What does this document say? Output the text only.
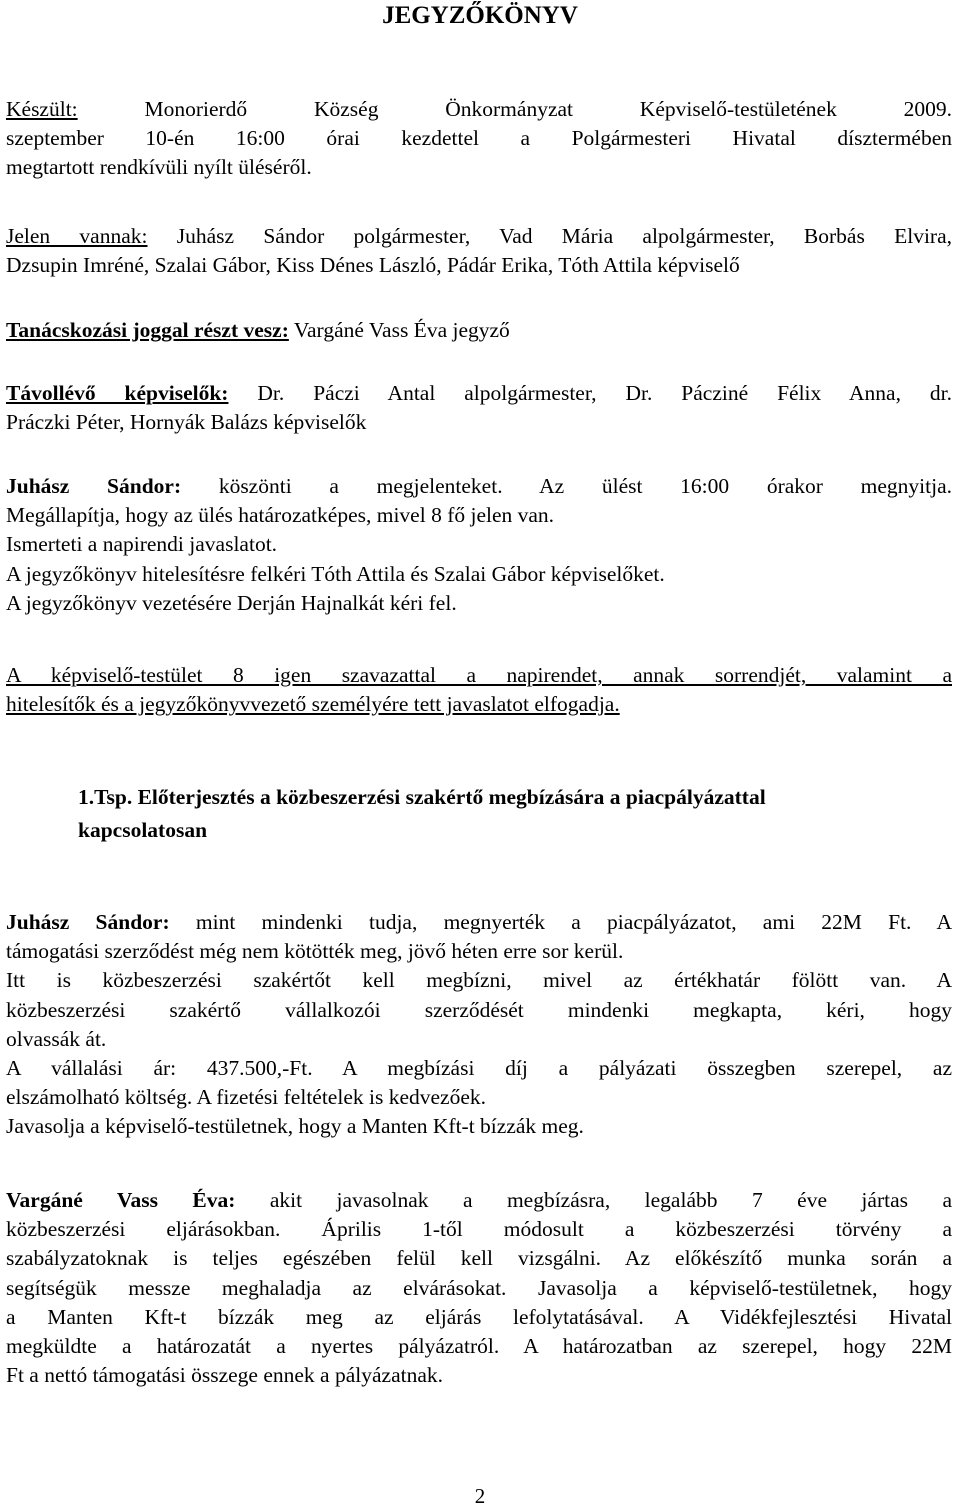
JEGYZŐKÖNYV
Készült:	Monorierdő Község Önkormányzat Képviselő-testületének 2009.
szeptember 10-én 16:00 órai kezdettel a Polgármesteri Hivatal dísztermében
megtartott rendkívüli nyílt üléséről.
Jelen vannak: Juhász Sándor polgármester, Vad Mária alpolgármester, Borbás Elvira,
Dzsupin Imréné, Szalai Gábor, Kiss Dénes László, Pádár Erika, Tóth Attila képviselő
Tanácskozási joggal részt vesz: Vargáné Vass Éva jegyző
Távollévő képviselők: Dr. Páczi Antal alpolgármester, Dr. Pácziné Félix Anna, dr.
Práczki Péter, Hornyák Balázs képviselők
Juhász Sándor: köszönti a megjelenteket. Az ülést 16:00 órakor megnyitja.
Megállapítja, hogy az ülés határozatképes, mivel 8 fő jelen van.
Ismerteti a napirendi javaslatot.
A jegyzőkönyv hitelesítésre felkéri Tóth Attila és Szalai Gábor képviselőket.
A jegyzőkönyv vezetésére Derján Hajnalkát kéri fel.
A képviselő-testület 8 igen szavazattal a napirendet, annak sorrendjét, valamint a
hitelesítők és a jegyzőkönyvvezető személyére tett javaslatot elfogadja.
1.Tsp. Előterjesztés a közbeszerzési szakértő megbízására a piacpályázattal
kapcsolatosan
Juhász Sándor: mint mindenki tudja, megnyerték a piacpályázatot, ami 22M Ft. A
támogatási szerződést még nem kötötték meg, jövő héten erre sor kerül.
Itt is közbeszerzési szakértőt kell megbízni, mivel az értékhatár fölött van. A
közbeszerzési szakértő vállalkozói szerződését mindenki megkapta, kéri, hogy
olvassák át.
A vállalási ár: 437.500,-Ft. A megbízási díj a pályázati összegben szerepel, az
elszámolható költség. A fizetési feltételek is kedvezőek.
Javasolja a képviselő-testületnek, hogy a Manten Kft-t bízzák meg.
Vargáné Vass Éva: akit javasolnak a megbízásra, legalább 7 éve jártas a
közbeszerzési eljárásokban. Április 1-től módosult a közbeszerzési törvény a
szabályzatoknak is teljes egészében felül kell vizsgálni. Az előkészítő munka során a
segítségük messze meghaladja az elvárásokat. Javasolja a képviselő-testületnek, hogy
a Manten Kft-t bízzák meg az eljárás lefolytatásával. A Vidékfejlesztési Hivatal
megküldte a határozatát a nyertes pályázatról. A határozatban az szerepel, hogy 22M
Ft a nettó támogatási összege ennek a pályázatnak.
2
